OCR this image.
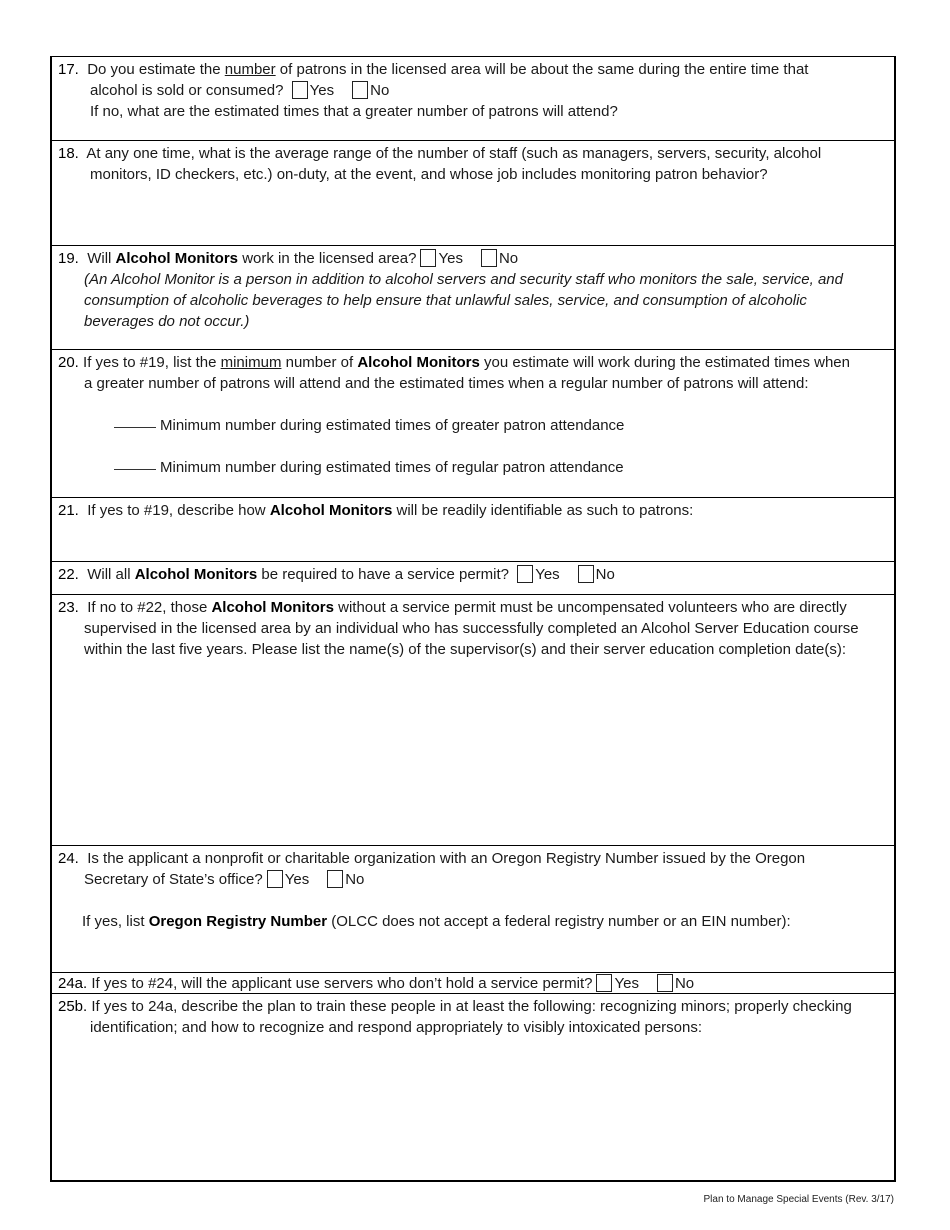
17. Do you estimate the number of patrons in the licensed area will be about the same during the entire time that
alcohol is sold or consumed? Yes No
If no, what are the estimated times that a greater number of patrons will attend?
18. At any one time, what is the average range of the number of staff (such as managers, servers, security, alcohol
monitors, ID checkers, etc.) on-duty, at the event, and whose job includes monitoring patron behavior?
19. Will Alcohol Monitors work in the licensed area? Yes No
(An Alcohol Monitor is a person in addition to alcohol servers and security staff who monitors the sale, service, and
consumption of alcoholic beverages to help ensure that unlawful sales, service, and consumption of alcoholic
beverages do not occur.)
20. If yes to #19, list the minimum number of Alcohol Monitors you estimate will work during the estimated times when
a greater number of patrons will attend and the estimated times when a regular number of patrons will attend:
Minimum number during estimated times of greater patron attendance
Minimum number during estimated times of regular patron attendance
21. If yes to #19, describe how Alcohol Monitors will be readily identifiable as such to patrons:
22. Will all Alcohol Monitors be required to have a service permit? Yes No
23. If no to #22, those Alcohol Monitors without a service permit must be uncompensated volunteers who are directly
supervised in the licensed area by an individual who has successfully completed an Alcohol Server Education course
within the last five years. Please list the name(s) of the supervisor(s) and their server education completion date(s):
24. Is the applicant a nonprofit or charitable organization with an Oregon Registry Number issued by the Oregon
Secretary of State’s office? Yes No
If yes, list Oregon Registry Number (OLCC does not accept a federal registry number or an EIN number):
24a. If yes to #24, will the applicant use servers who don’t hold a service permit? Yes No
25b. If yes to 24a, describe the plan to train these people in at least the following: recognizing minors; properly checking
identification; and how to recognize and respond appropriately to visibly intoxicated persons:
Plan to Manage Special Events (Rev. 3/17)
